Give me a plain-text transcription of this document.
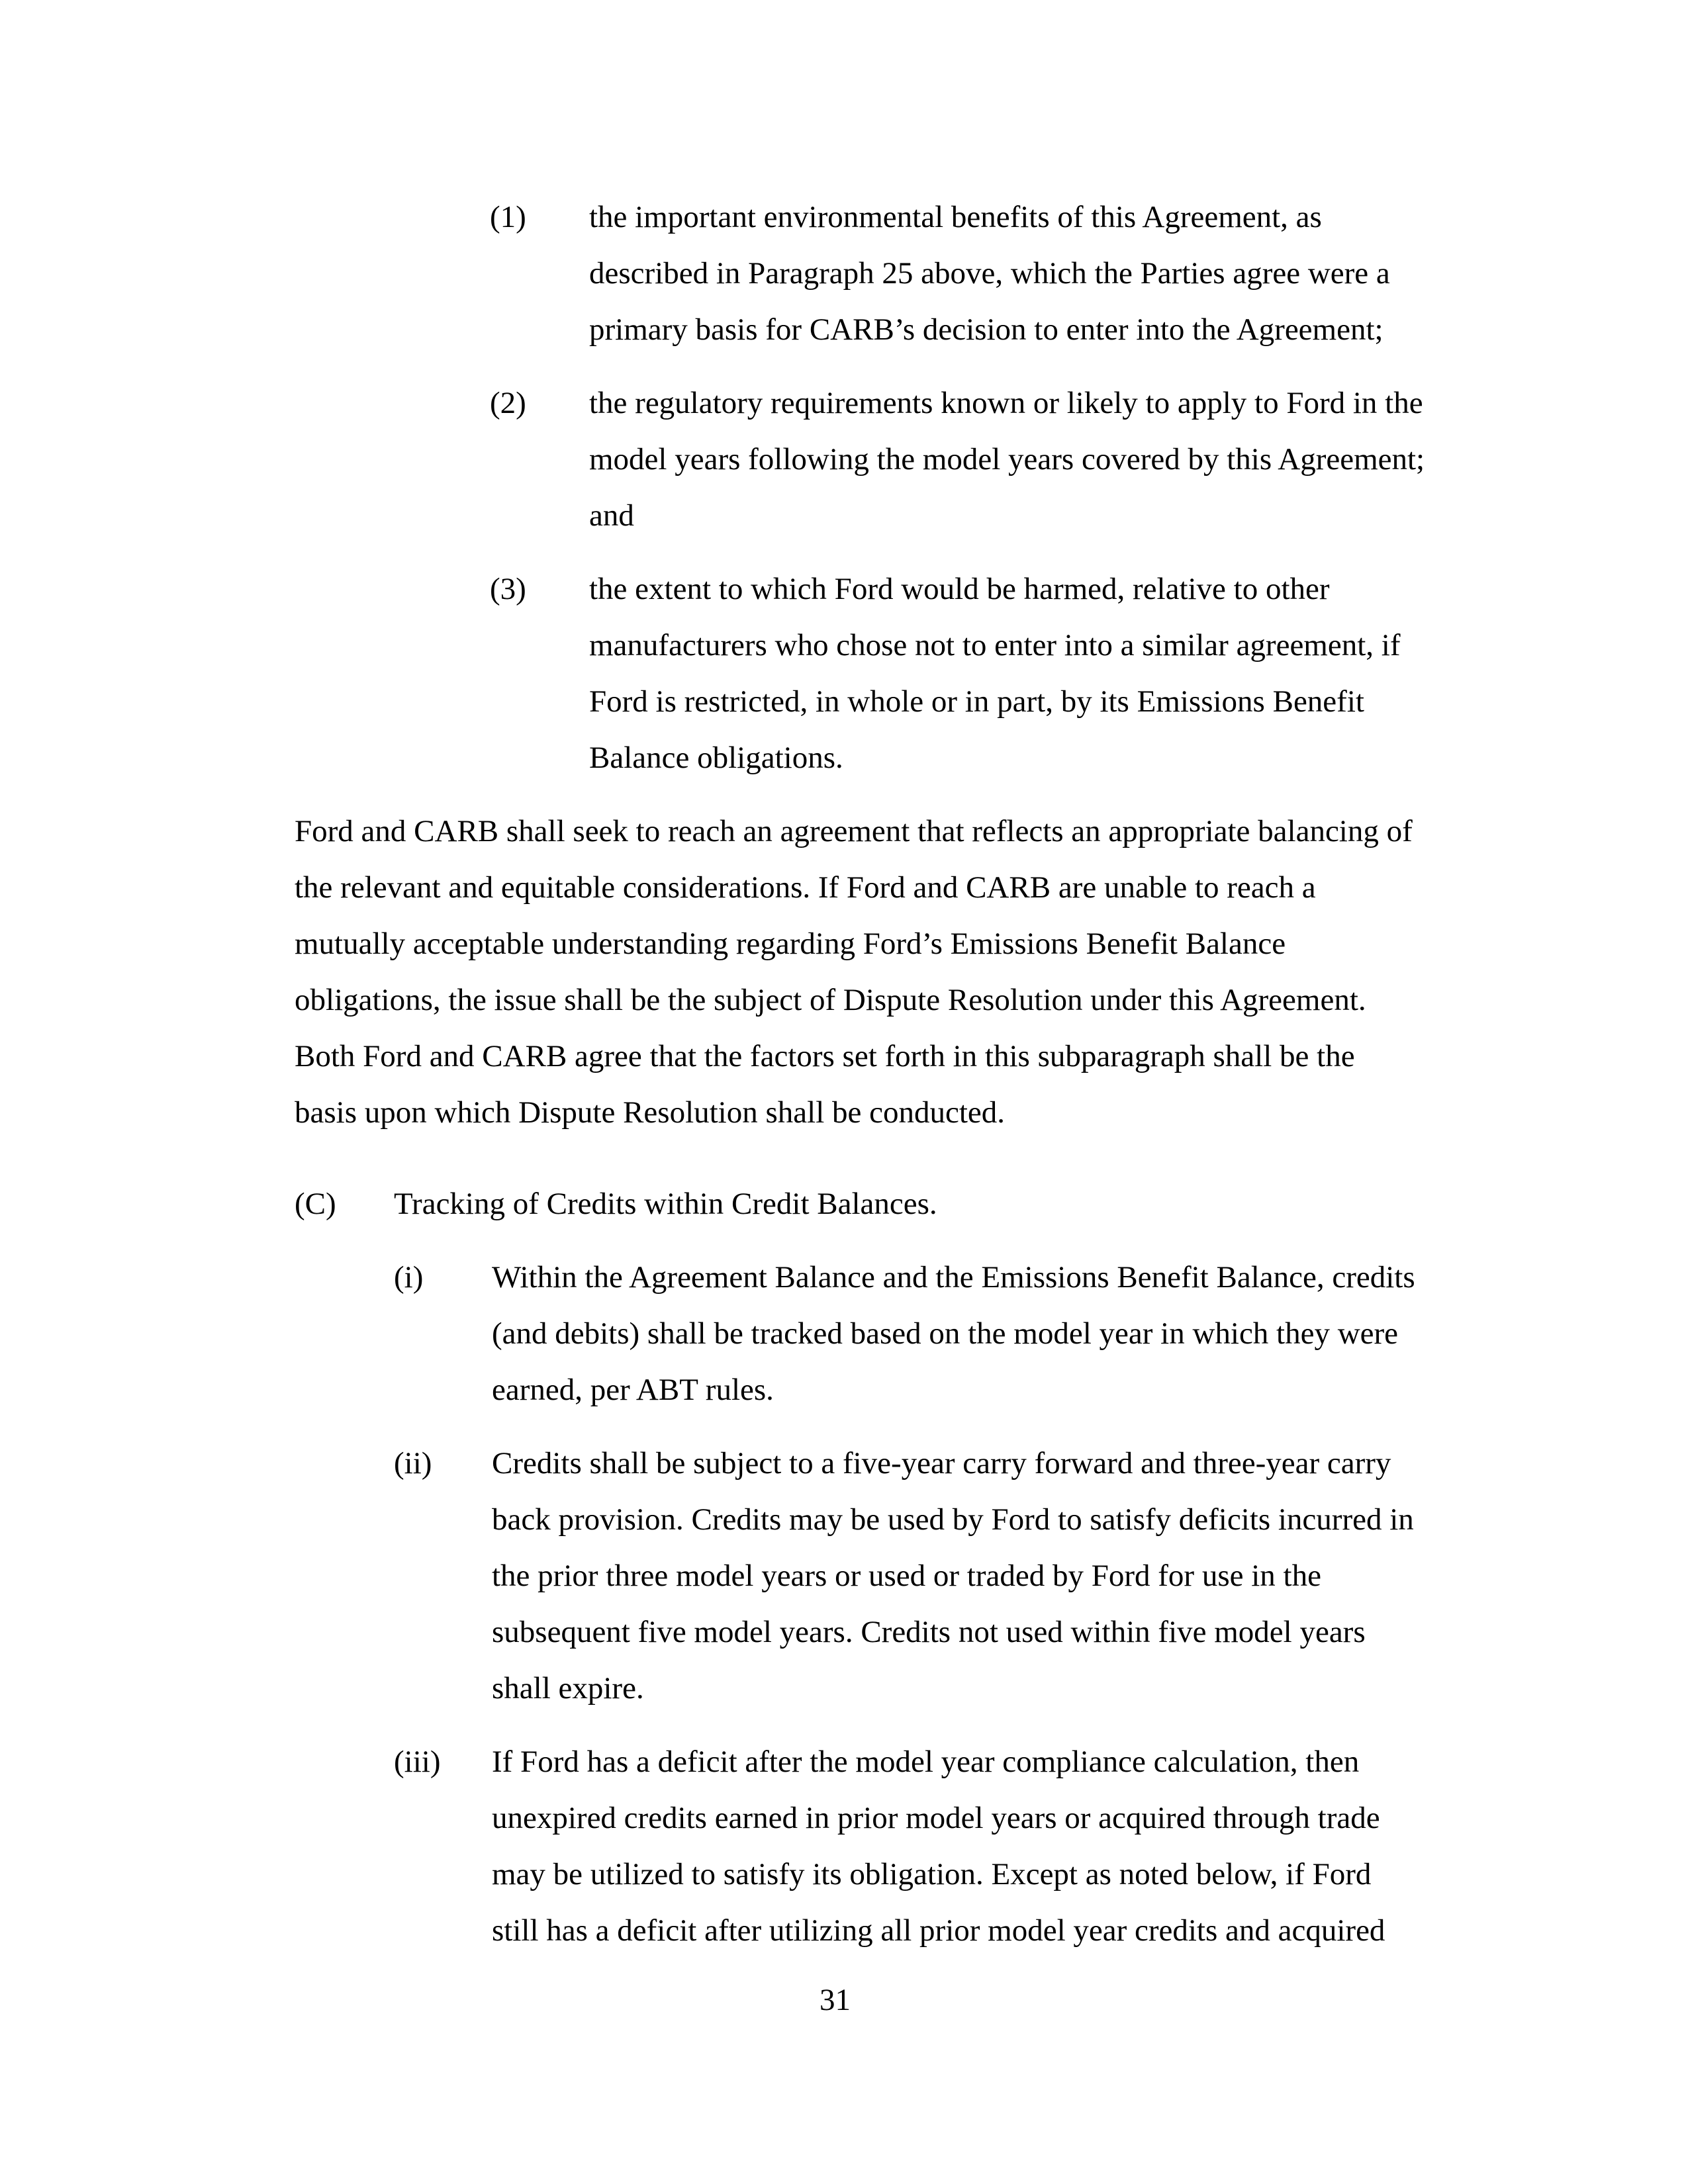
(1) the important environmental benefits of this Agreement, as
described in Paragraph 25 above, which the Parties agree were a
primary basis for CARB’s decision to enter into the Agreement;
(2) the regulatory requirements known or likely to apply to Ford in the
model years following the model years covered by this Agreement;
and
(3) the extent to which Ford would be harmed, relative to other
manufacturers who chose not to enter into a similar agreement, if
Ford is restricted, in whole or in part, by its Emissions Benefit
Balance obligations.
Ford and CARB shall seek to reach an agreement that reflects an appropriate balancing of
the relevant and equitable considerations. If Ford and CARB are unable to reach a
mutually acceptable understanding regarding Ford’s Emissions Benefit Balance
obligations, the issue shall be the subject of Dispute Resolution under this Agreement.
Both Ford and CARB agree that the factors set forth in this subparagraph shall be the
basis upon which Dispute Resolution shall be conducted.
(C) Tracking of Credits within Credit Balances.
(i) Within the Agreement Balance and the Emissions Benefit Balance, credits
(and debits) shall be tracked based on the model year in which they were
earned, per ABT rules.
(ii) Credits shall be subject to a five-year carry forward and three-year carry
back provision. Credits may be used by Ford to satisfy deficits incurred in
the prior three model years or used or traded by Ford for use in the
subsequent five model years. Credits not used within five model years
shall expire.
(iii) If Ford has a deficit after the model year compliance calculation, then
unexpired credits earned in prior model years or acquired through trade
may be utilized to satisfy its obligation. Except as noted below, if Ford
still has a deficit after utilizing all prior model year credits and acquired
31
